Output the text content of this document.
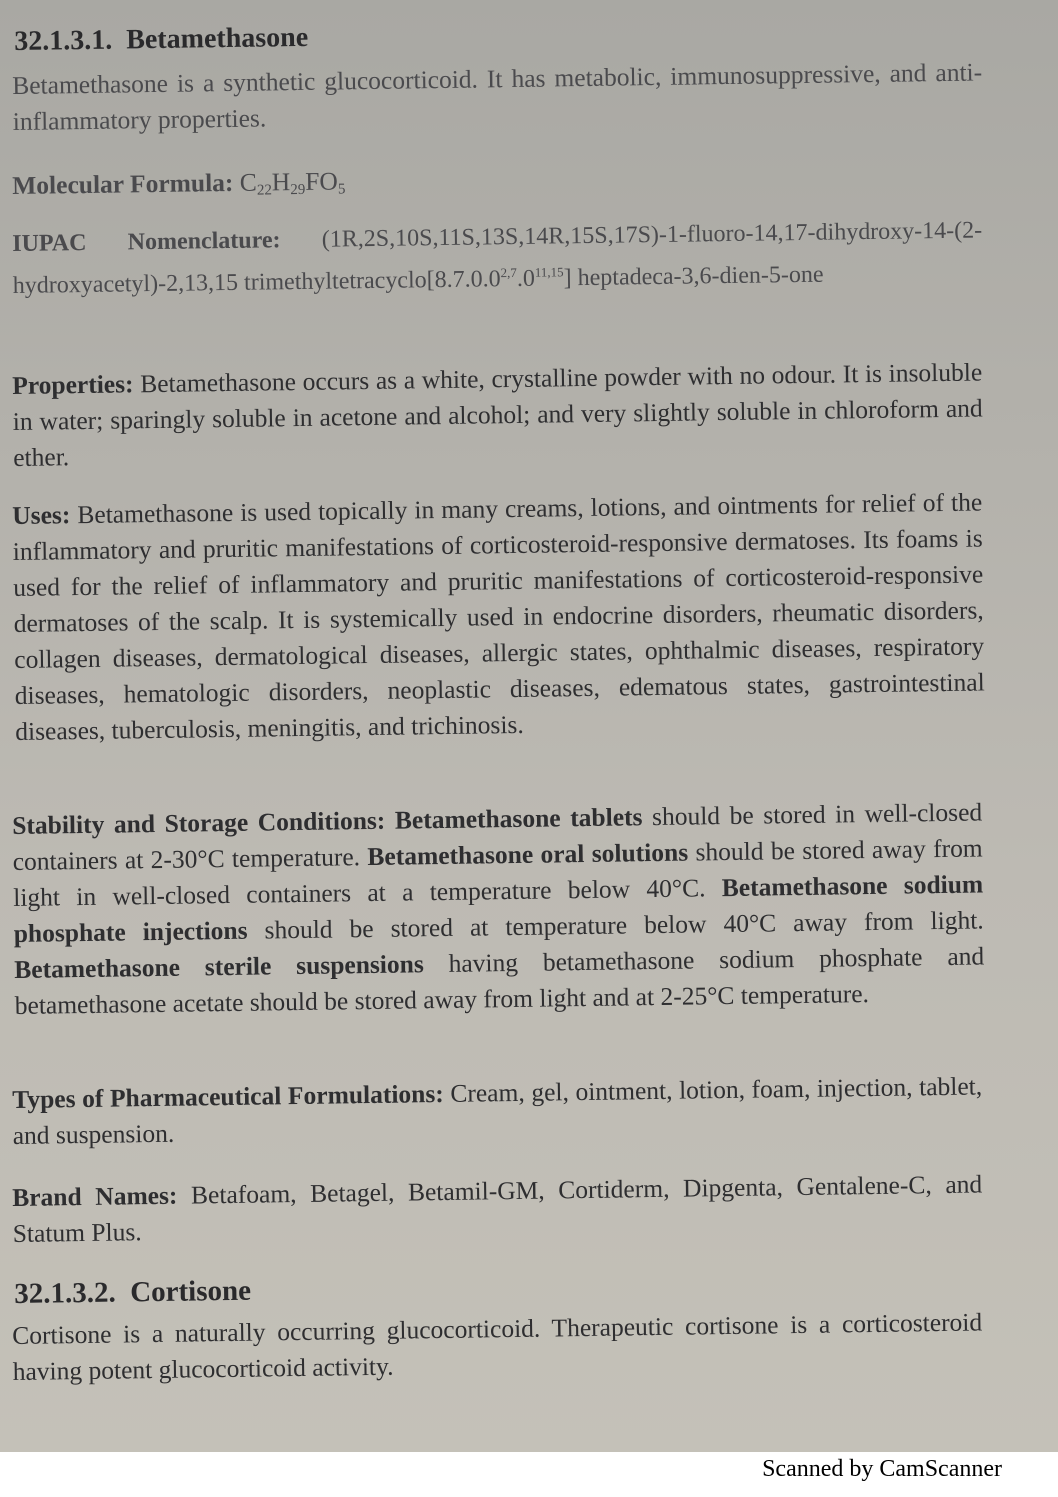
32.1.3.1. Betamethasone
Betamethasone is a synthetic glucocorticoid. It has metabolic, immunosuppressive, and anti-inflammatory properties.
Molecular Formula: $C_{22}H_{29}FO_5$
IUPAC Nomenclature: (1R,2S,10S,11S,13S,14R,15S,17S)-1-fluoro-14,17-dihydroxy-14-(2-hydroxyacetyl)-2,13,15 trimethyltetracyclo[8.7.0.0$^{2,7}$.0$^{11,15}$] heptadeca-3,6-dien-5-one
Properties: Betamethasone occurs as a white, crystalline powder with no odour. It is insoluble in water; sparingly soluble in acetone and alcohol; and very slightly soluble in chloroform and ether.
Uses: Betamethasone is used topically in many creams, lotions, and ointments for relief of the inflammatory and pruritic manifestations of corticosteroid-responsive dermatoses. Its foams is used for the relief of inflammatory and pruritic manifestations of corticosteroid-responsive dermatoses of the scalp. It is systemically used in endocrine disorders, rheumatic disorders, collagen diseases, dermatological diseases, allergic states, ophthalmic diseases, respiratory diseases, hematologic disorders, neoplastic diseases, edematous states, gastrointestinal diseases, tuberculosis, meningitis, and trichinosis.
Stability and Storage Conditions: Betamethasone tablets should be stored in well-closed containers at 2-30°C temperature. Betamethasone oral solutions should be stored away from light in well-closed containers at a temperature below 40°C. Betamethasone sodium phosphate injections should be stored at temperature below 40°C away from light. Betamethasone sterile suspensions having betamethasone sodium phosphate and betamethasone acetate should be stored away from light and at 2-25°C temperature.
Types of Pharmaceutical Formulations: Cream, gel, ointment, lotion, foam, injection, tablet, and suspension.
Brand Names: Betafoam, Betagel, Betamil-GM, Cortiderm, Dipgenta, Gentalene-C, and Statum Plus.
32.1.3.2. Cortisone
Cortisone is a naturally occurring glucocorticoid. Therapeutic cortisone is a corticosteroid having potent glucocorticoid activity.
Scanned by CamScanner
